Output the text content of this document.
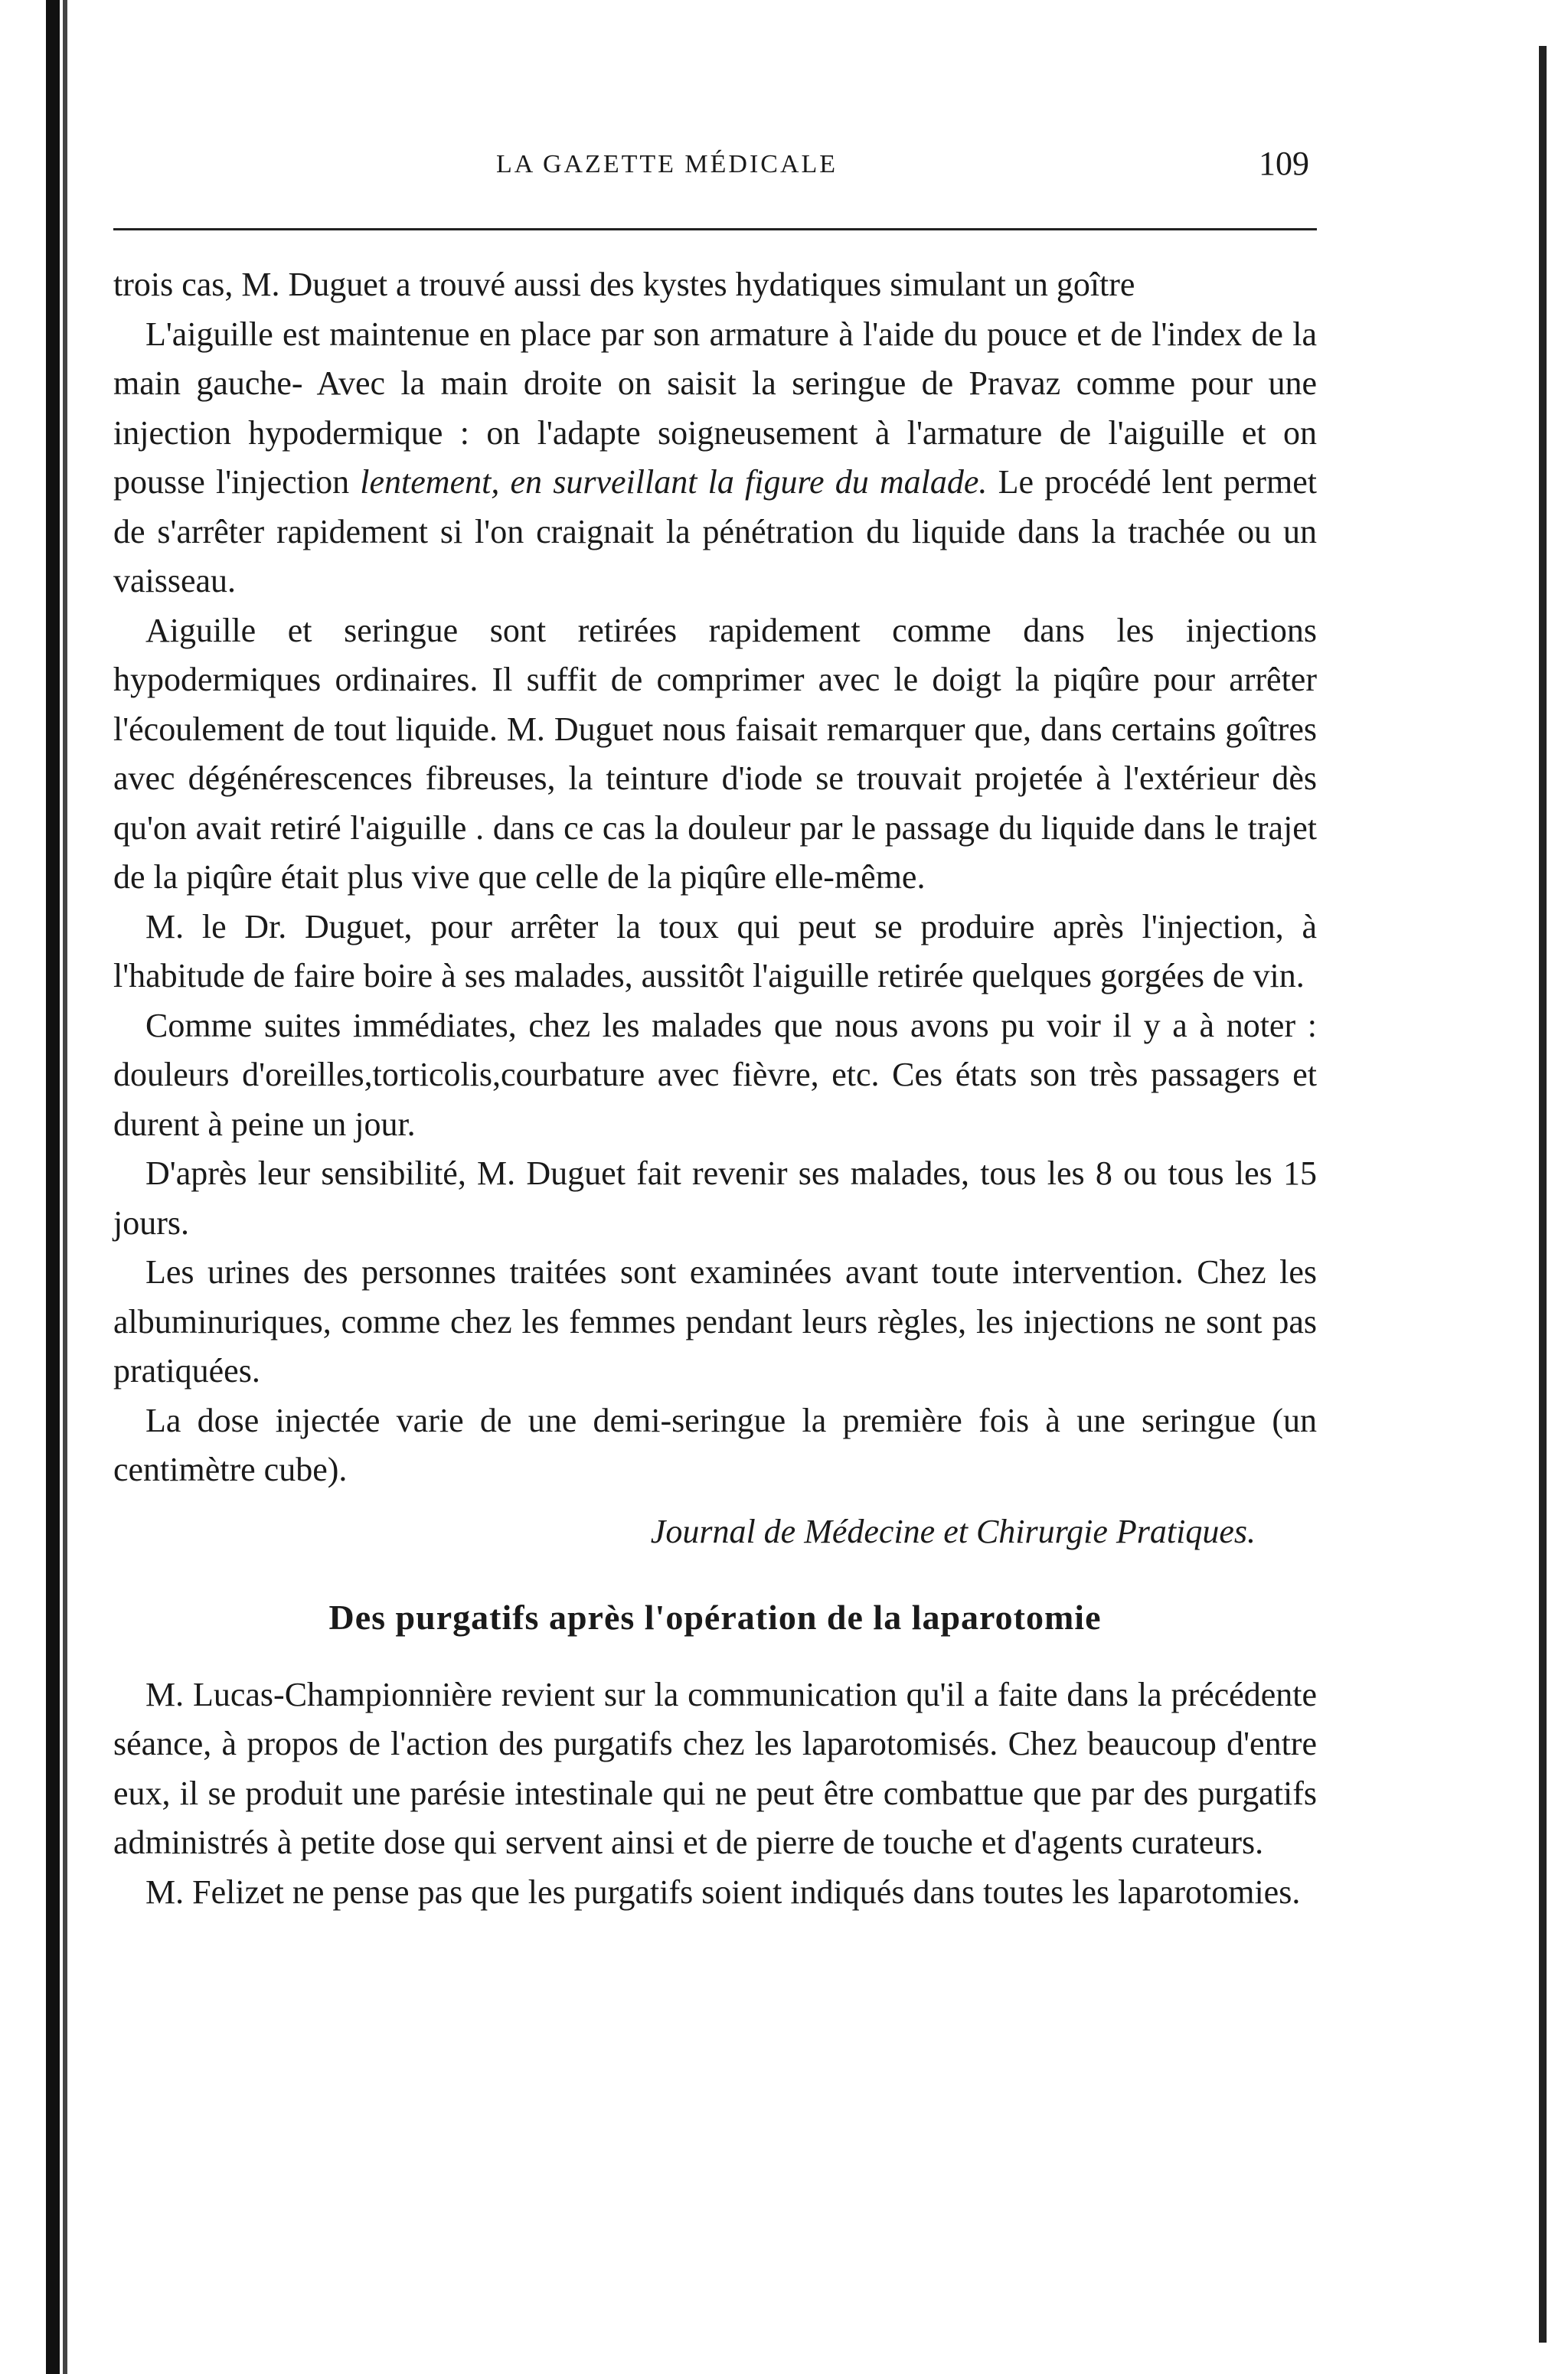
LA GAZETTE MÉDICALE	109

trois cas, M. Duguet a trouvé aussi des kystes hydatiques simulant un goître

L'aiguille est maintenue en place par son armature à l'aide du pouce et de l'index de la main gauche- Avec la main droite on saisit la seringue de Pravaz comme pour une injection hypodermique : on l'adapte soigneusement à l'armature de l'aiguille et on pousse l'injection lentement, en surveillant la figure du malade. Le procédé lent permet de s'arrêter rapidement si l'on craignait la pénétration du liquide dans la trachée ou un vaisseau.

Aiguille et seringue sont retirées rapidement comme dans les injections hypodermiques ordinaires. Il suffit de comprimer avec le doigt la piqûre pour arrêter l'écoulement de tout liquide. M. Duguet nous faisait remarquer que, dans certains goîtres avec dégénérescences fibreuses, la teinture d'iode se trouvait projetée à l'extérieur dès qu'on avait retiré l'aiguille . dans ce cas la douleur par le passage du liquide dans le trajet de la piqûre était plus vive que celle de la piqûre elle-même.

M. le Dr. Duguet, pour arrêter la toux qui peut se produire après l'injection, à l'habitude de faire boire à ses malades, aussitôt l'aiguille retirée quelques gorgées de vin.

Comme suites immédiates, chez les malades que nous avons pu voir il y a à noter : douleurs d'oreilles,torticolis,courbature avec fièvre, etc. Ces états son très passagers et durent à peine un jour.

D'après leur sensibilité, M. Duguet fait revenir ses malades, tous les 8 ou tous les 15 jours.

Les urines des personnes traitées sont examinées avant toute intervention. Chez les albuminuriques, comme chez les femmes pendant leurs règles, les injections ne sont pas pratiquées.

La dose injectée varie de une demi-seringue la première fois à une seringue (un centimètre cube).

Journal de Médecine et Chirurgie Pratiques.
Des purgatifs après l'opération de la laparotomie

M. Lucas-Championnière revient sur la communication qu'il a faite dans la précédente séance, à propos de l'action des purgatifs chez les laparotomisés. Chez beaucoup d'entre eux, il se produit une parésie intestinale qui ne peut être combattue que par des purgatifs administrés à petite dose qui servent ainsi et de pierre de touche et d'agents curateurs.

M. Felizet ne pense pas que les purgatifs soient indiqués dans toutes les laparotomies.
